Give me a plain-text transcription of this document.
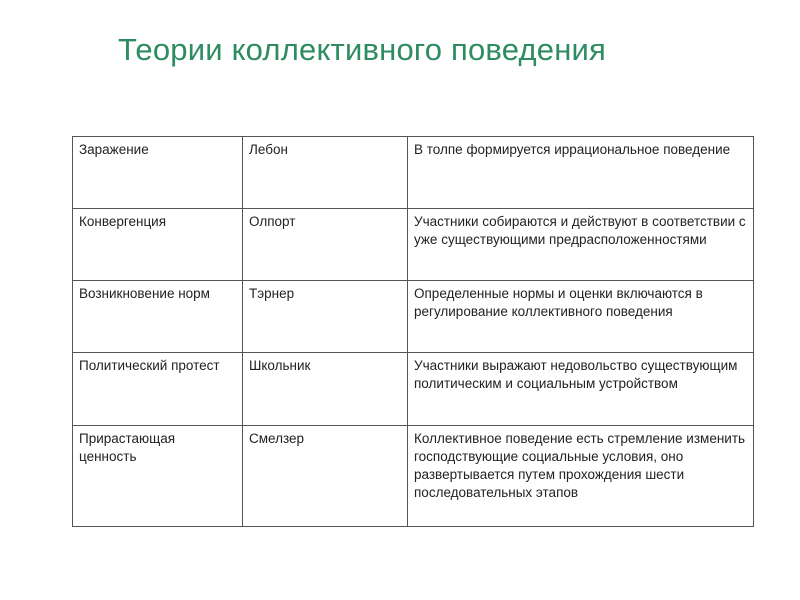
Теории коллективного поведения
Заражение	Лебон	В толпе формируется иррациональное поведение
Конвергенция	Олпорт	Участники собираются и действуют в соответствии с уже существующими предрасположенностями
Возникновение норм	Тэрнер	Определенные нормы и оценки включаются в регулирование коллективного поведения
Политический протест	Школьник	Участники выражают недовольство существующим политическим и социальным устройством
Прирастающая ценность	Смелзер	Коллективное поведение есть стремление изменить господствующие социальные условия, оно развертывается путем прохождения шести последовательных этапов
